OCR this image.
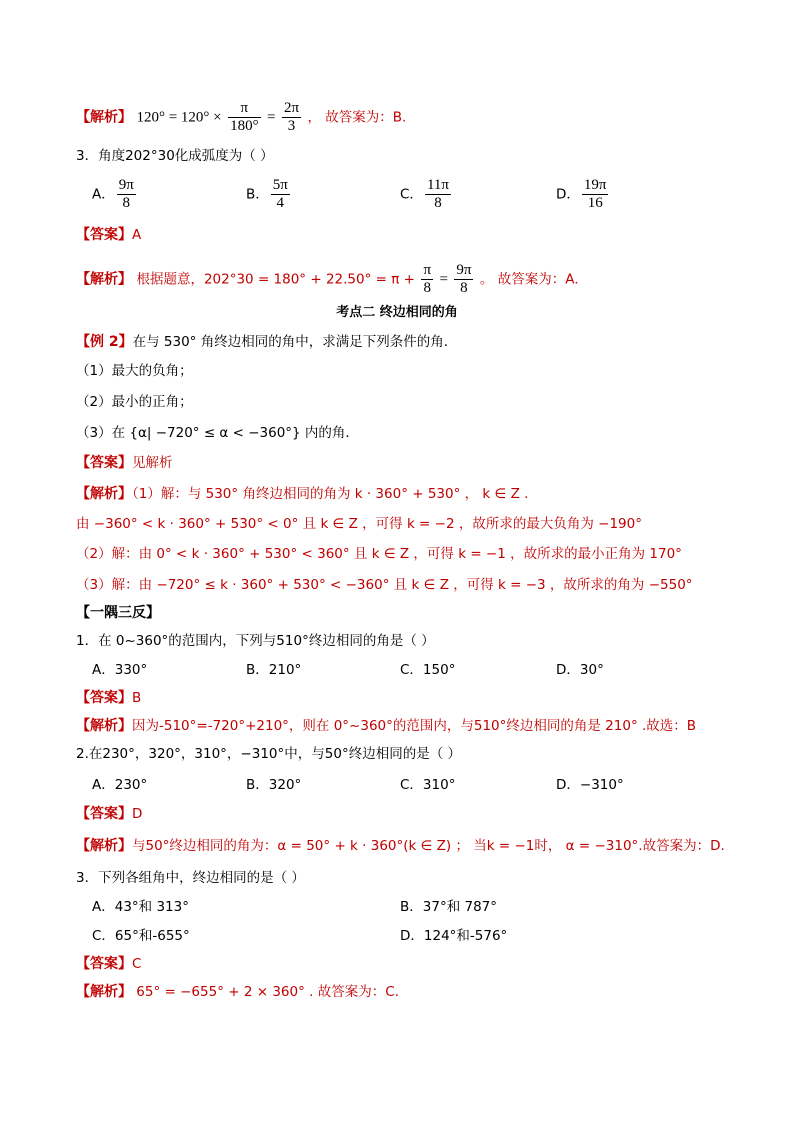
【解析】 $120^\circ = 120^\circ \times \frac{\pi}{180^\circ} = \frac{2\pi}{3}$ ， 故答案为：B.
3．角度202°30化成弧度为（ ）
A． $\frac{9\pi}{8}$	B． $\frac{5\pi}{4}$	C． $\frac{11\pi}{8}$	D． $\frac{19\pi}{16}$
【答案】A
【解析】 根据题意，$202^\circ 30 = 180^\circ + 22.50^\circ = \pi + \frac{\pi}{8} = \frac{9\pi}{8}$ 。 故答案为：A.
考点二 终边相同的角
【例 2】在与 530° 角终边相同的角中，求满足下列条件的角．
（1）最大的负角；
（2）最小的正角；
（3）在 {α| −720° ≤ α < −360°} 内的角．
【答案】见解析
【解析】（1）解：与 530° 角终边相同的角为 k · 360° + 530° ， k ∈ Z .
由 −360° < k · 360° + 530° < 0° 且 k ∈ Z ，可得 k = −2 ，故所求的最大负角为 −190°
（2）解：由 0° < k · 360° + 530° < 360° 且 k ∈ Z ，可得 k = −1 ，故所求的最小正角为 170°
（3）解：由 −720° ≤ k · 360° + 530° < −360° 且 k ∈ Z ，可得 k = −3 ，故所求的角为 −550°
【一隅三反】
1．在 0~360°的范围内，下列与510°终边相同的角是（ ）
A．330°	B．210°	C．150°	D．30°
【答案】B
【解析】因为-510°=-720°+210°，则在 0°~360°的范围内，与510°终边相同的角是 210° .故选：B
2.在230°，320°，310°，−310°中，与50°终边相同的是（ ）
A．230°	B．320°	C．310°	D．−310°
【答案】D
【解析】与50°终边相同的角为：α = 50° + k · 360°(k ∈ Z) ； 当k = −1时， α = −310°.故答案为：D.
3．下列各组角中，终边相同的是（ ）
A．43°和 313°	B．37°和 787°
C．65°和-655°	D．124°和-576°
【答案】C
【解析】 65° = −655° + 2 × 360° . 故答案为：C.
